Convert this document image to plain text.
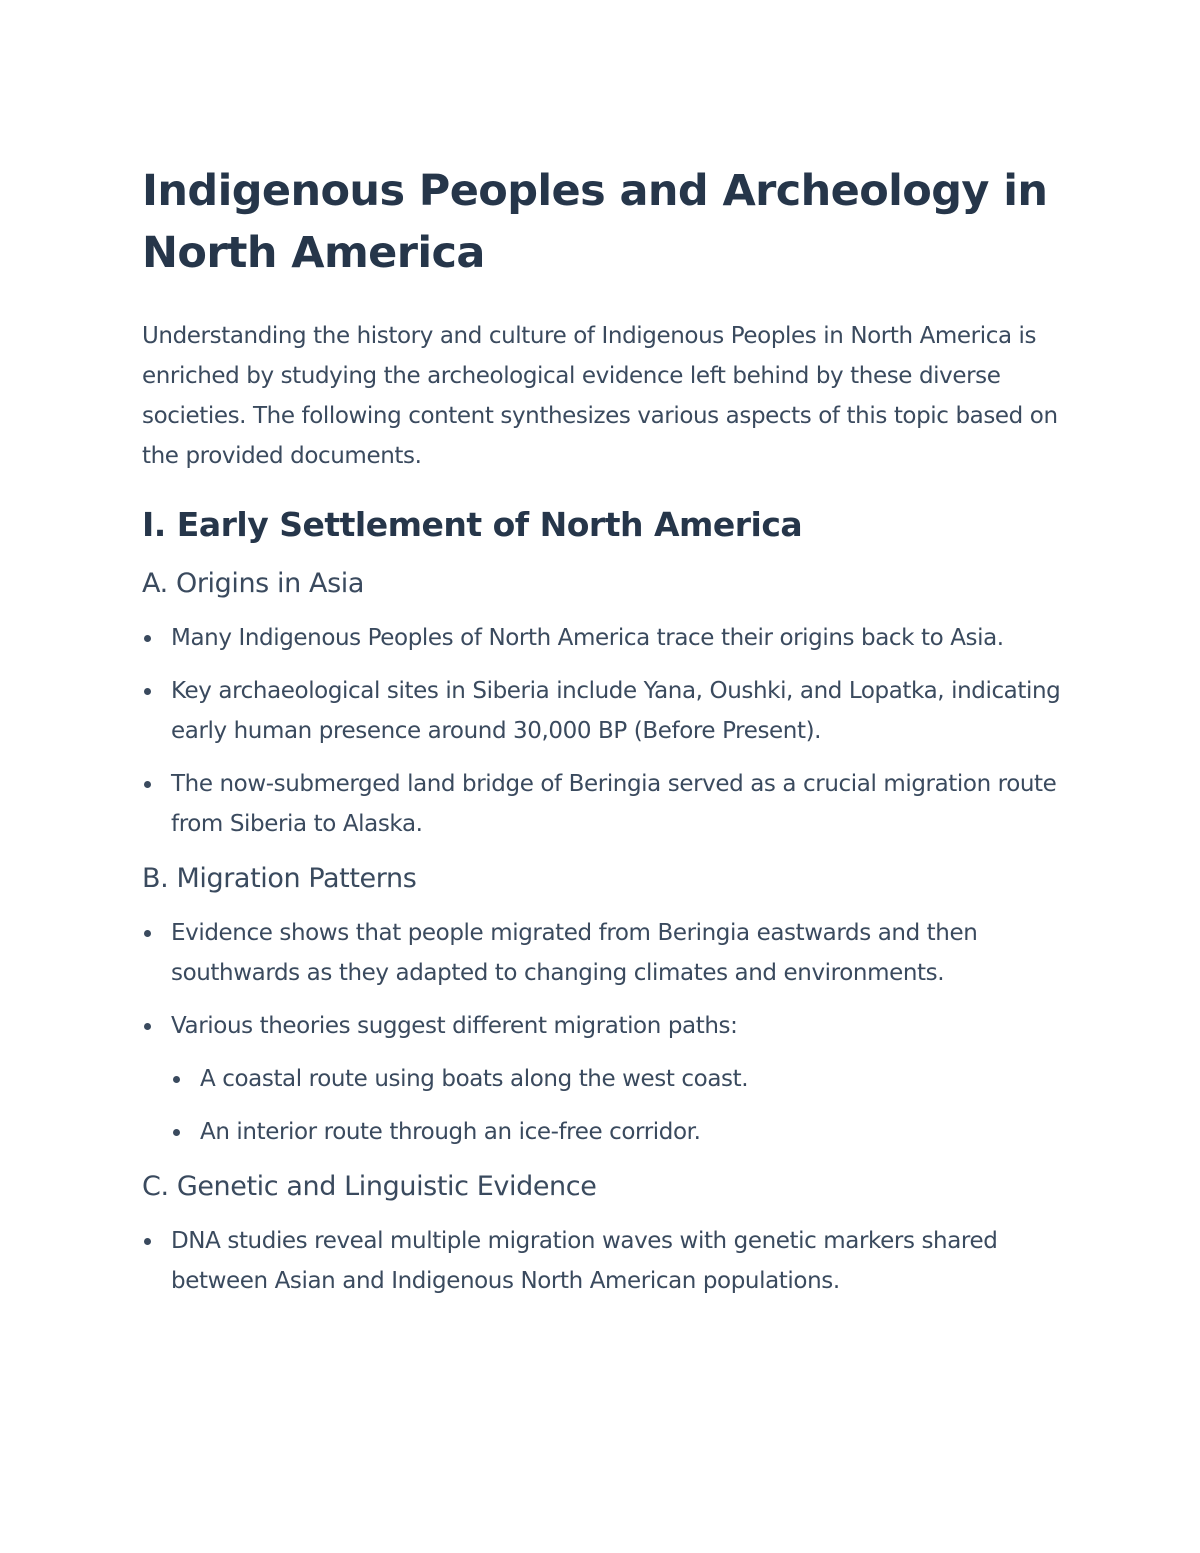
Indigenous Peoples and Archeology in North America

Understanding the history and culture of Indigenous Peoples in North America is enriched by studying the archeological evidence left behind by these diverse societies. The following content synthesizes various aspects of this topic based on the provided documents.

I. Early Settlement of North America
A. Origins in Asia
Many Indigenous Peoples of North America trace their origins back to Asia.
Key archaeological sites in Siberia include Yana, Oushki, and Lopatka, indicating early human presence around 30,000 BP (Before Present).
The now-submerged land bridge of Beringia served as a crucial migration route from Siberia to Alaska.
B. Migration Patterns
Evidence shows that people migrated from Beringia eastwards and then southwards as they adapted to changing climates and environments.
Various theories suggest different migration paths:
A coastal route using boats along the west coast.
An interior route through an ice-free corridor.
C. Genetic and Linguistic Evidence
DNA studies reveal multiple migration waves with genetic markers shared between Asian and Indigenous North American populations.
